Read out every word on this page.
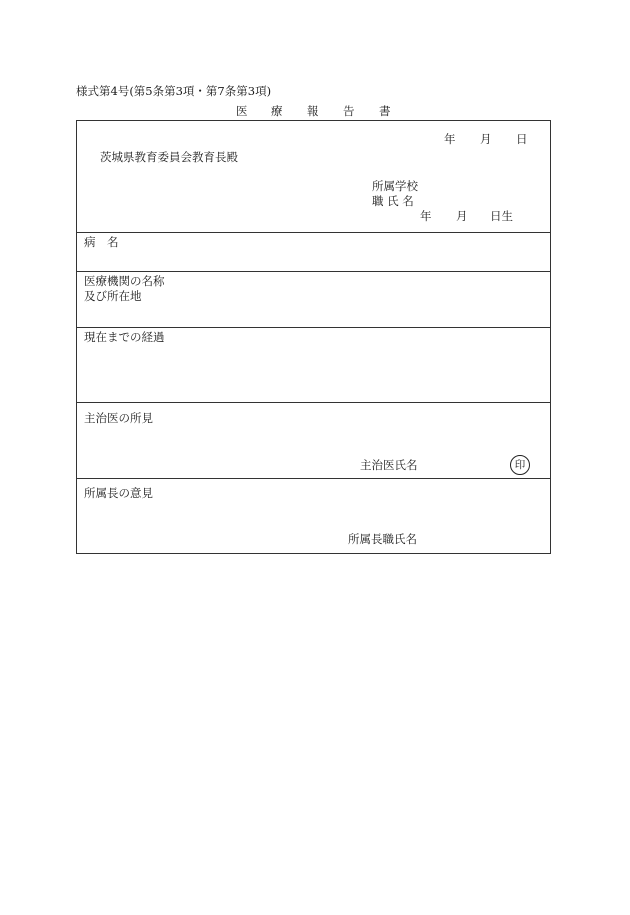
様式第4号(第5条第3項・第7条第3項)
医 療 報 告 書
年 月 日
茨城県教育委員会教育長殿
所属学校
職 氏 名
年 月 日生
病　名
医療機関の名称
及び所在地
現在までの経過
主治医の所見
主治医氏名	印
所属長の意見
所属長職氏名
